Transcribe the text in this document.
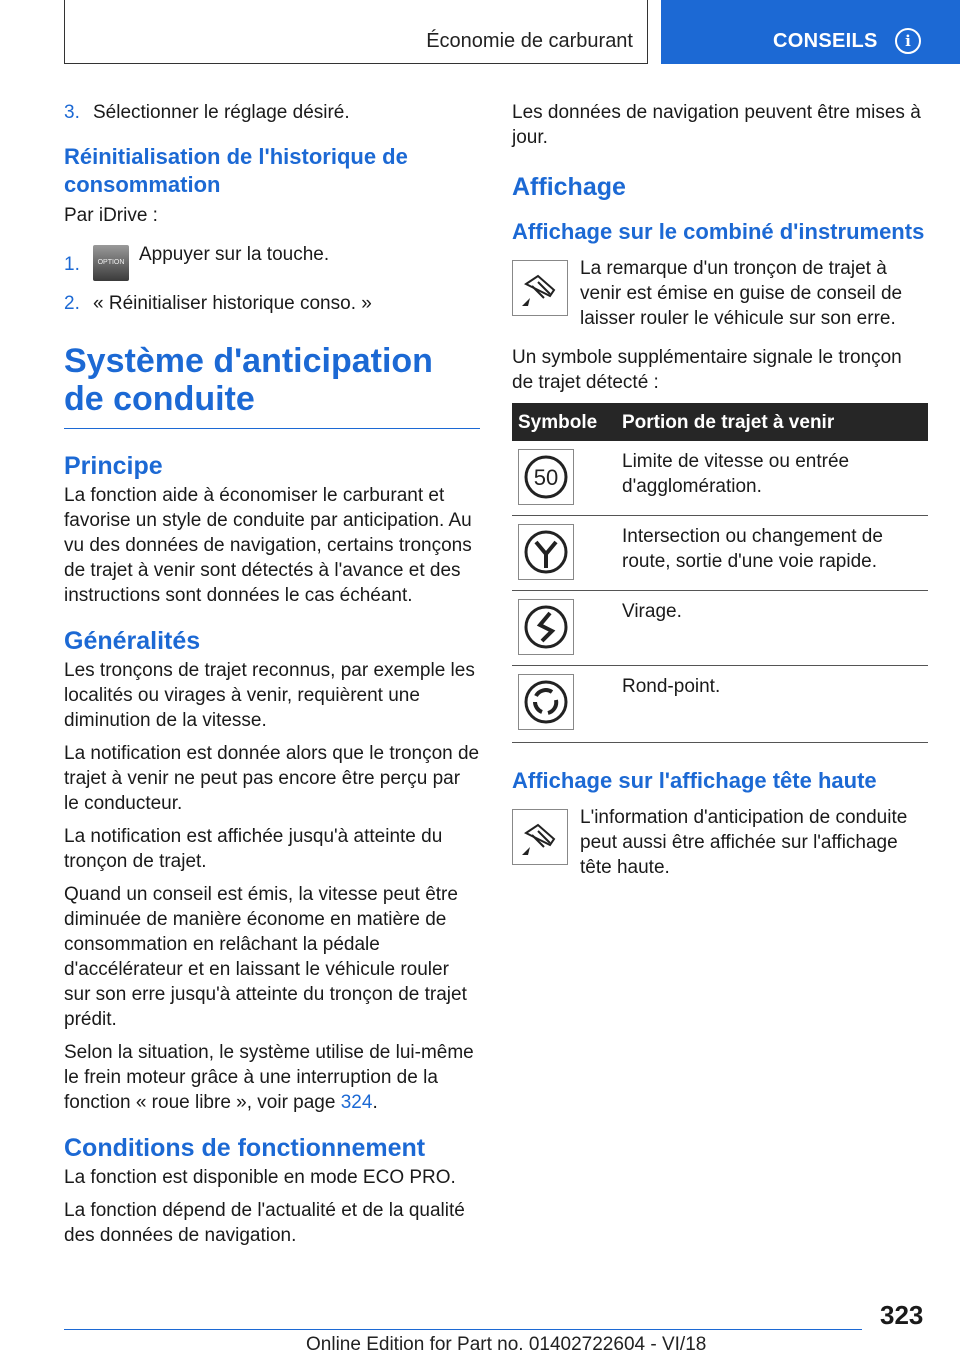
Économie de carburant	CONSEILS	i
3. Sélectionner le réglage désiré.
Réinitialisation de l'historique de consommation

Par iDrive :

1.	OPTION Appuyer sur la touche.
2. « Réinitialiser historique conso. »
Système d'anticipation de conduite
Principe

La fonction aide à économiser le carburant et favorise un style de conduite par anticipation. Au vu des données de navigation, certains tronçons de trajet à venir sont détectés à l'avance et des instructions sont données le cas échéant.

Généralités

Les tronçons de trajet reconnus, par exemple les localités ou virages à venir, requièrent une diminution de la vitesse.

La notification est donnée alors que le tronçon de trajet à venir ne peut pas encore être perçu par le conducteur.

La notification est affichée jusqu'à atteinte du tronçon de trajet.

Quand un conseil est émis, la vitesse peut être diminuée de manière économe en matière de consommation en relâchant la pédale d'accélérateur et en laissant le véhicule rouler sur son erre jusqu'à atteinte du tronçon de trajet prédit.

Selon la situation, le système utilise de lui-même le frein moteur grâce à une interruption de la fonction « roue libre », voir page 324.

Conditions de fonctionnement

La fonction est disponible en mode ECO PRO.

La fonction dépend de l'actualité et de la qualité des données de navigation.

Les données de navigation peuvent être mises à jour.

Affichage
Affichage sur le combiné d'instruments
La remarque d'un tronçon de trajet à venir est émise en guise de conseil de laisser rouler le véhicule sur son erre.

Un symbole supplémentaire signale le tronçon de trajet détecté :

Symbole	Portion de trajet à venir

50	Limite de vitesse ou entrée d'agglomération.

	Intersection ou changement de route, sortie d'une voie rapide.

	Virage.

	Rond-point.
Affichage sur l'affichage tête haute
L'information d'anticipation de conduite peut aussi être affichée sur l'affichage tête haute.
323
Online Edition for Part no. 01402722604 - VI/18
